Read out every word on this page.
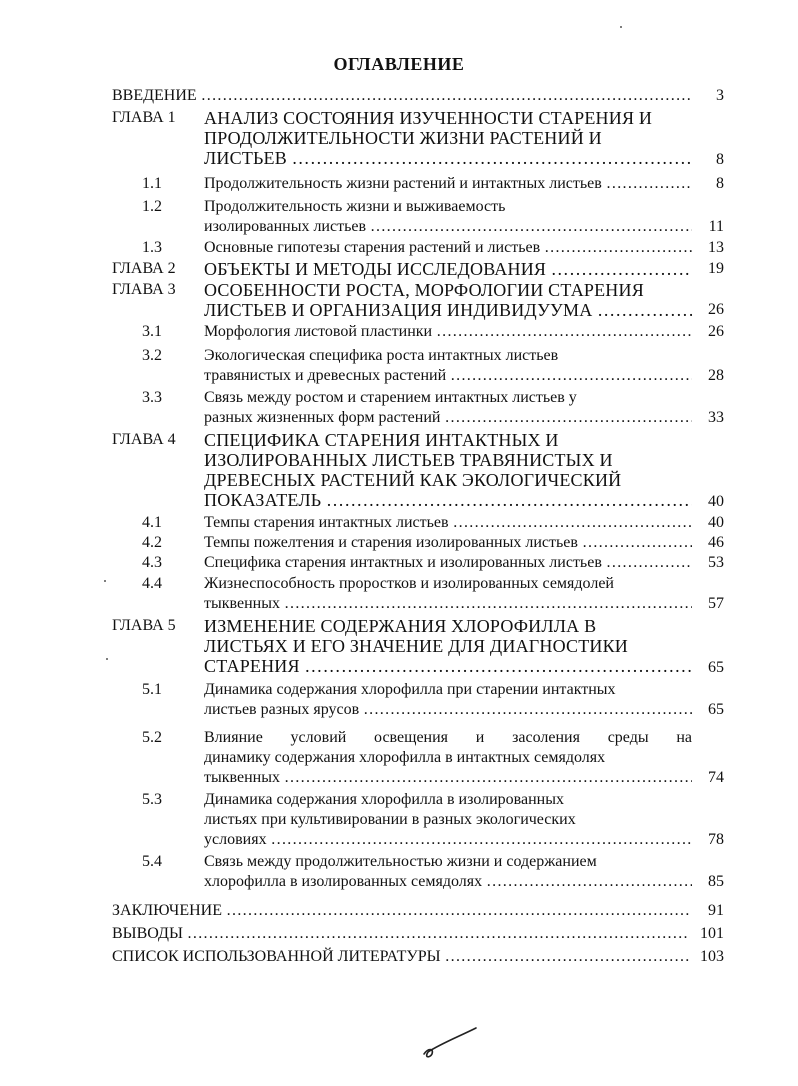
ОГЛАВЛЕНИЕ
ВВЕДЕНИЕ ……………………………………………………………………………………………………………………………………	3
ГЛАВА 1 АНАЛИЗ СОСТОЯНИЯ ИЗУЧЕННОСТИ СТАРЕНИЯ И
ПРОДОЛЖИТЕЛЬНОСТИ ЖИЗНИ РАСТЕНИЙ И
ЛИСТЬЕВ ……………………………………………………………………………………………………………………………………	8
1.1	Продолжительность жизни растений и интактных листьев ……………………………………………………………………………………………………………………………………	8
1.2	Продолжительность жизни и выживаемость
изолированных листьев ……………………………………………………………………………………………………………………………………	11
1.3	Основные гипотезы старения растений и листьев ……………………………………………………………………………………………………………………………………	13
ГЛАВА 2 ОБЪЕКТЫ И МЕТОДЫ ИССЛЕДОВАНИЯ ……………………………………………………………………………………………………………………………………	19
ГЛАВА 3 ОСОБЕННОСТИ РОСТА, МОРФОЛОГИИ СТАРЕНИЯ
ЛИСТЬЕВ И ОРГАНИЗАЦИЯ ИНДИВИДУУМА ……………………………………………………………………………………………………………………………………	26
3.1	Морфология листовой пластинки ……………………………………………………………………………………………………………………………………	26
3.2	Экологическая специфика роста интактных листьев
травянистых и древесных растений ……………………………………………………………………………………………………………………………………	28
3.3	Связь между ростом и старением интактных листьев у
разных жизненных форм растений ……………………………………………………………………………………………………………………………………	33
ГЛАВА 4 СПЕЦИФИКА СТАРЕНИЯ ИНТАКТНЫХ И
ИЗОЛИРОВАННЫХ ЛИСТЬЕВ ТРАВЯНИСТЫХ И
ДРЕВЕСНЫХ РАСТЕНИЙ КАК ЭКОЛОГИЧЕСКИЙ
ПОКАЗАТЕЛЬ ……………………………………………………………………………………………………………………………………	40
4.1	Темпы старения интактных листьев ……………………………………………………………………………………………………………………………………	40
4.2	Темпы пожелтения и старения изолированных листьев ……………………………………………………………………………………………………………………………………	46
4.3	Специфика старения интактных и изолированных листьев ……………………………………………………………………………………………………………………………………	53
4.4	Жизнеспособность проростков и изолированных семядолей
тыквенных ……………………………………………………………………………………………………………………………………	57
ГЛАВА 5 ИЗМЕНЕНИЕ СОДЕРЖАНИЯ ХЛОРОФИЛЛА В
ЛИСТЬЯХ И ЕГО ЗНАЧЕНИЕ ДЛЯ ДИАГНОСТИКИ
СТАРЕНИЯ ……………………………………………………………………………………………………………………………………	65
5.1	Динамика содержания хлорофилла при старении интактных
листьев разных ярусов ……………………………………………………………………………………………………………………………………	65
5.2	Влияние условий освещения и засоления среды на
динамику содержания хлорофилла в интактных семядолях
тыквенных ……………………………………………………………………………………………………………………………………	74
5.3	Динамика содержания хлорофилла в изолированных
листьях при культивировании в разных экологических
условиях ……………………………………………………………………………………………………………………………………	78
5.4	Связь между продолжительностью жизни и содержанием
хлорофилла в изолированных семядолях ……………………………………………………………………………………………………………………………………	85
ЗАКЛЮЧЕНИЕ ……………………………………………………………………………………………………………………………………	91
ВЫВОДЫ ……………………………………………………………………………………………………………………………………	101
СПИСОК ИСПОЛЬЗОВАННОЙ ЛИТЕРАТУРЫ ……………………………………………………………………………………………………………………………………	103
